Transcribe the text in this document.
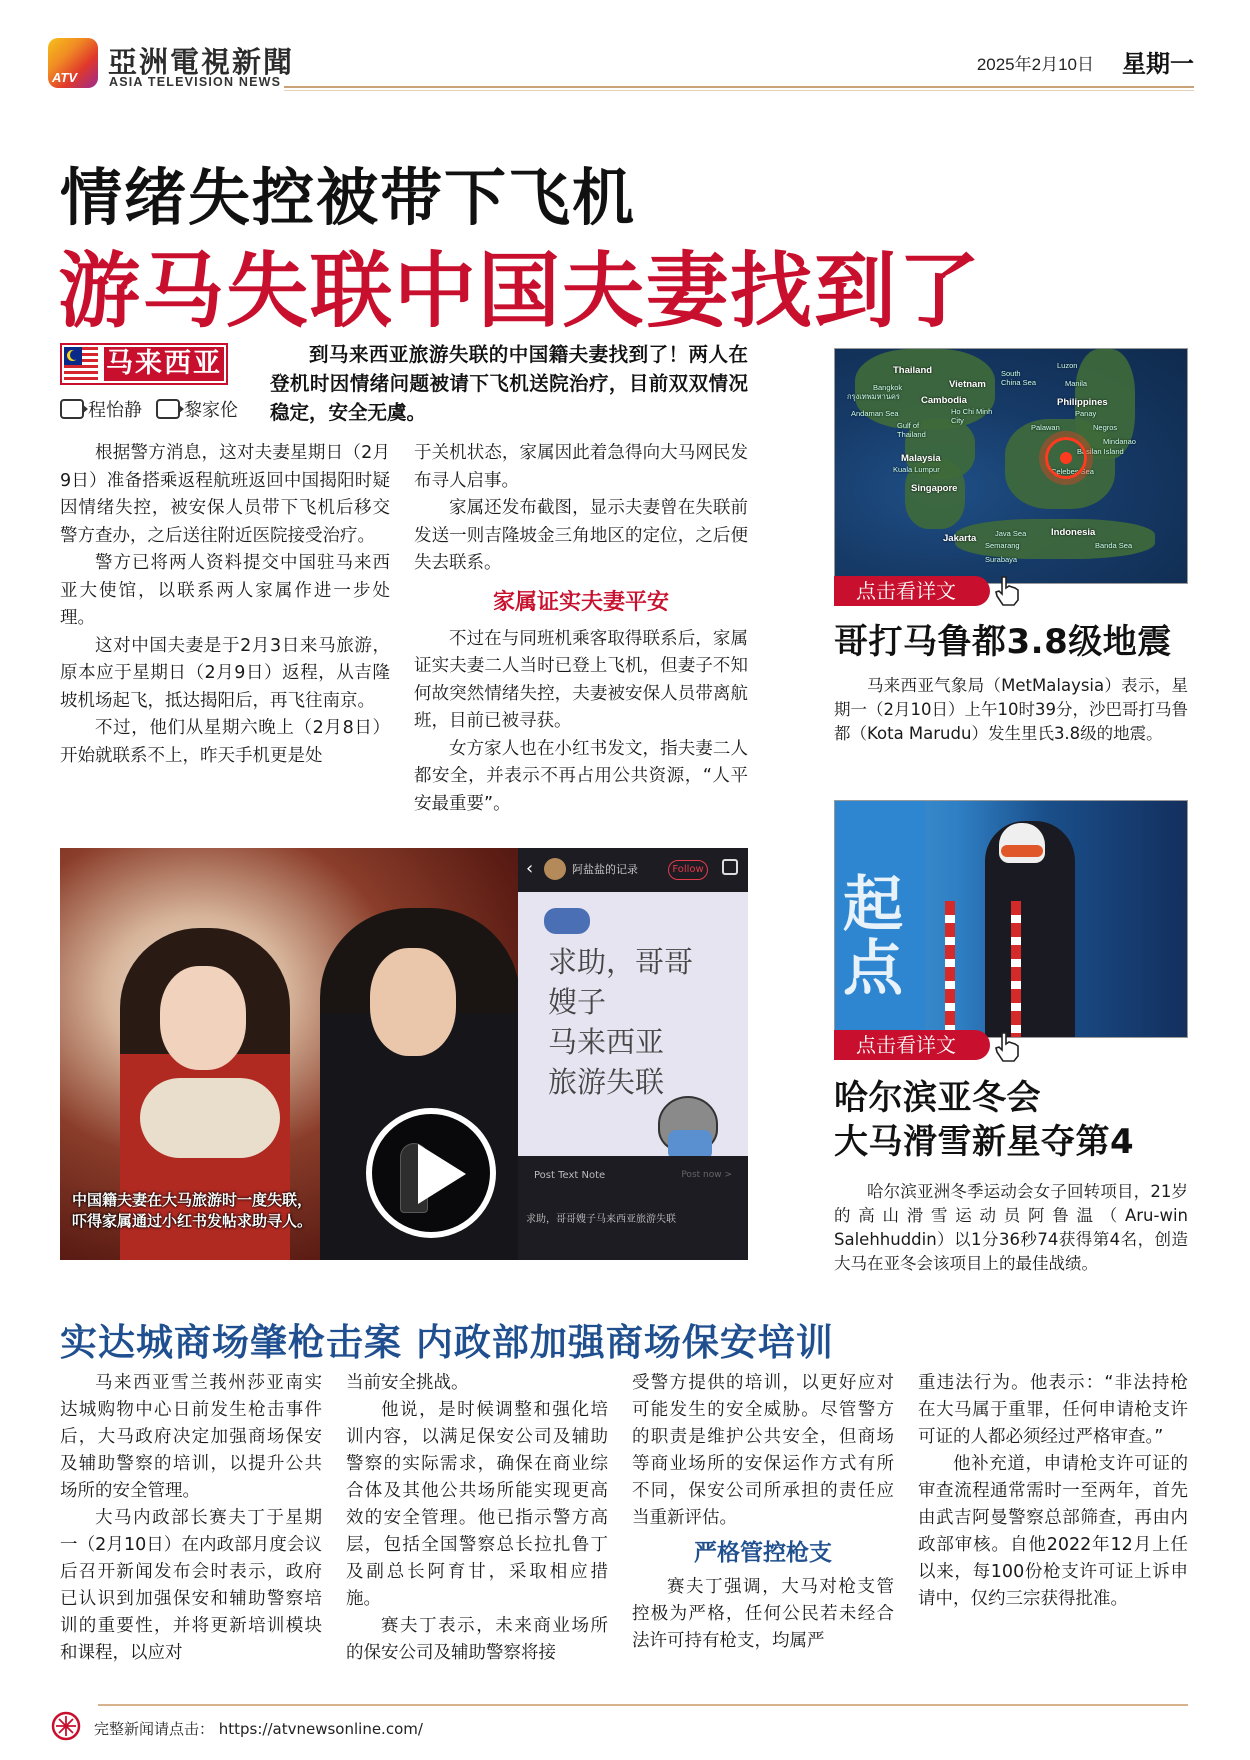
ATV 亞洲電視新聞
ASIA TELEVISION NEWS
2025年2月10日 星期一
情绪失控被带下飞机
游马失联中国夫妻找到了
马来西亚
程怡静 黎家伦
到马来西亚旅游失联的中国籍夫妻找到了！两人在登机时因情绪问题被请下飞机送院治疗，目前双双情况稳定，安全无虞。

根据警方消息，这对夫妻星期日（2月9日）准备搭乘返程航班返回中国揭阳时疑因情绪失控，被安保人员带下飞机后移交警方查办，之后送往附近医院接受治疗。

警方已将两人资料提交中国驻马来西亚大使馆，以联系两人家属作进一步处理。

这对中国夫妻是于2月3日来马旅游，原本应于星期日（2月9日）返程，从吉隆坡机场起飞，抵达揭阳后，再飞往南京。

不过，他们从星期六晚上（2月8日）开始就联系不上，昨天手机更是处

于关机状态，家属因此着急得向大马网民发布寻人启事。

家属还发布截图，显示夫妻曾在失联前发送一则吉隆坡金三角地区的定位，之后便失去联系。

家属证实夫妻平安

不过在与同班机乘客取得联系后，家属证实夫妻二人当时已登上飞机，但妻子不知何故突然情绪失控，夫妻被安保人员带离航班，目前已被寻获。

女方家人也在小红书发文，指夫妻二人都安全，并表示不再占用公共资源，“人平安最重要”。

中国籍夫妻在大马旅游时一度失联，
吓得家属通过小红书发帖求助寻人。
‹	阿盐盐的记录	Follow
求助，哥哥
嫂子
马来西亚
旅游失联
Post Text Note	Post now >
求助，哥哥嫂子马来西亚旅游失联
Thailand
Vietnam
South China Sea
Luzon
Manila
Bangkok
กรุงเทพมหานคร Cambodia	Philippines
Panay
Andaman Sea	Ho Chi Minh City
Gulf of Thailand
Palawan	Negros
Mindanao
Basilan Island
Malaysia
Kuala Lumpur	Celebes Sea
Singapore
Jakarta Java Sea
Semarang
Surabaya
Indonesia
Banda Sea
点击看详文
哥打马鲁都3.8级地震
马来西亚气象局（MetMalaysia）表示，星期一（2月10日）上午10时39分，沙巴哥打马鲁都（Kota Marudu）发生里氏3.8级的地震。
起点
点击看详文
哈尔滨亚冬会
大马滑雪新星夺第4
哈尔滨亚洲冬季运动会女子回转项目，21岁的高山滑雪运动员阿鲁温（Aru-win Salehhuddin）以1分36秒74获得第4名，创造大马在亚冬会该项目上的最佳战绩。
实达城商场肇枪击案 内政部加强商场保安培训

马来西亚雪兰莪州莎亚南实达城购物中心日前发生枪击事件后，大马政府决定加强商场保安及辅助警察的培训，以提升公共场所的安全管理。

大马内政部长赛夫丁于星期一（2月10日）在内政部月度会议后召开新闻发布会时表示，政府已认识到加强保安和辅助警察培训的重要性，并将更新培训模块和课程，以应对

当前安全挑战。

他说，是时候调整和强化培训内容，以满足保安公司及辅助警察的实际需求，确保在商业综合体及其他公共场所能实现更高效的安全管理。他已指示警方高层，包括全国警察总长拉扎鲁丁及副总长阿育甘，采取相应措施。

赛夫丁表示，未来商业场所的保安公司及辅助警察将接

受警方提供的培训，以更好应对可能发生的安全威胁。尽管警方的职责是维护公共安全，但商场等商业场所的安保运作方式有所不同，保安公司所承担的责任应当重新评估。

严格管控枪支

赛夫丁强调，大马对枪支管控极为严格，任何公民若未经合法许可持有枪支，均属严

重违法行为。他表示：“非法持枪在大马属于重罪，任何申请枪支许可证的人都必须经过严格审查。”

他补充道，申请枪支许可证的审查流程通常需时一至两年，首先由武吉阿曼警察总部筛查，再由内政部审核。自他2022年12月上任以来，每100份枪支许可证上诉申请中，仅约三宗获得批准。

完整新闻请点击： https://atvnewsonline.com/
